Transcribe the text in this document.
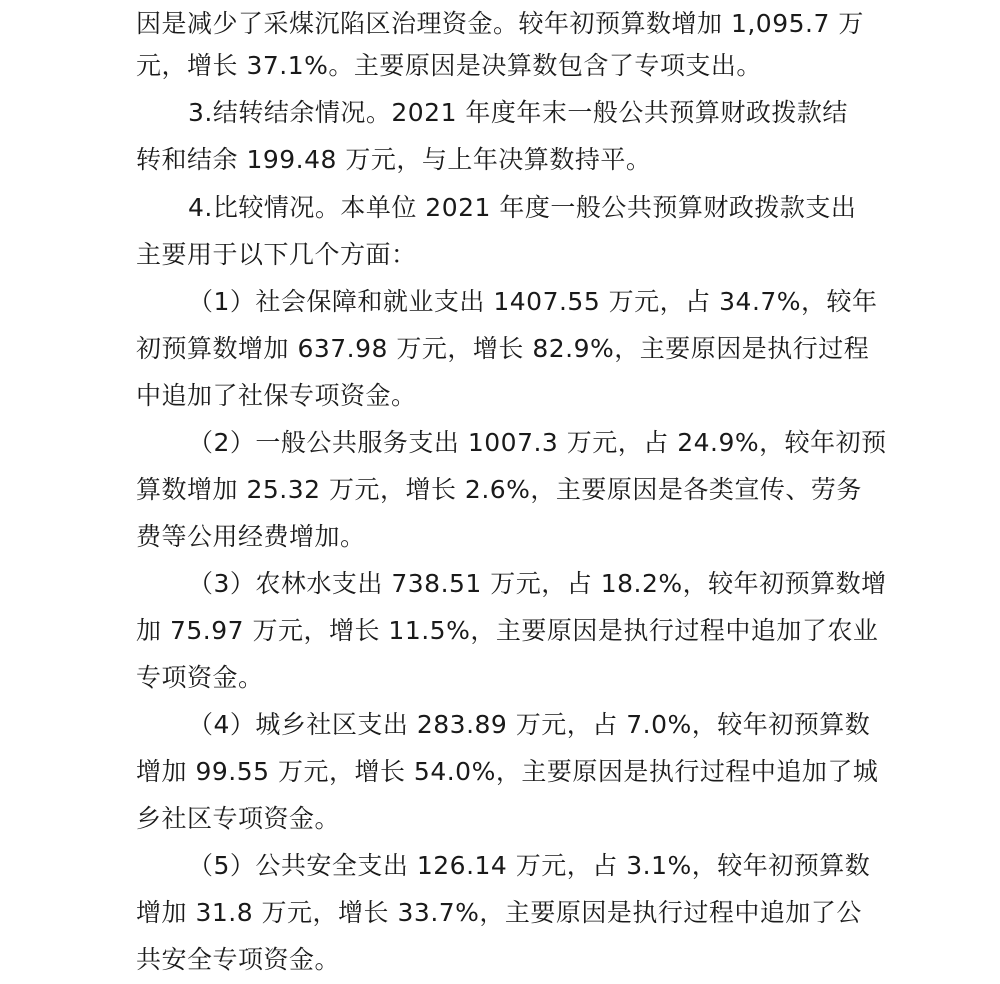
因是减少了采煤沉陷区治理资金。较年初预算数增加 1,095.7 万
元，增长 37.1%。主要原因是决算数包含了专项支出。
3.结转结余情况。2021 年度年末一般公共预算财政拨款结
转和结余 199.48 万元，与上年决算数持平。
4.比较情况。本单位 2021 年度一般公共预算财政拨款支出
主要用于以下几个方面：
（1）社会保障和就业支出 1407.55 万元，占 34.7%，较年
初预算数增加 637.98 万元，增长 82.9%，主要原因是执行过程
中追加了社保专项资金。
（2）一般公共服务支出 1007.3 万元，占 24.9%，较年初预
算数增加 25.32 万元，增长 2.6%，主要原因是各类宣传、劳务
费等公用经费增加。
（3）农林水支出 738.51 万元，占 18.2%，较年初预算数增
加 75.97 万元，增长 11.5%，主要原因是执行过程中追加了农业
专项资金。
（4）城乡社区支出 283.89 万元，占 7.0%，较年初预算数
增加 99.55 万元，增长 54.0%，主要原因是执行过程中追加了城
乡社区专项资金。
（5）公共安全支出 126.14 万元，占 3.1%，较年初预算数
增加 31.8 万元，增长 33.7%，主要原因是执行过程中追加了公
共安全专项资金。
